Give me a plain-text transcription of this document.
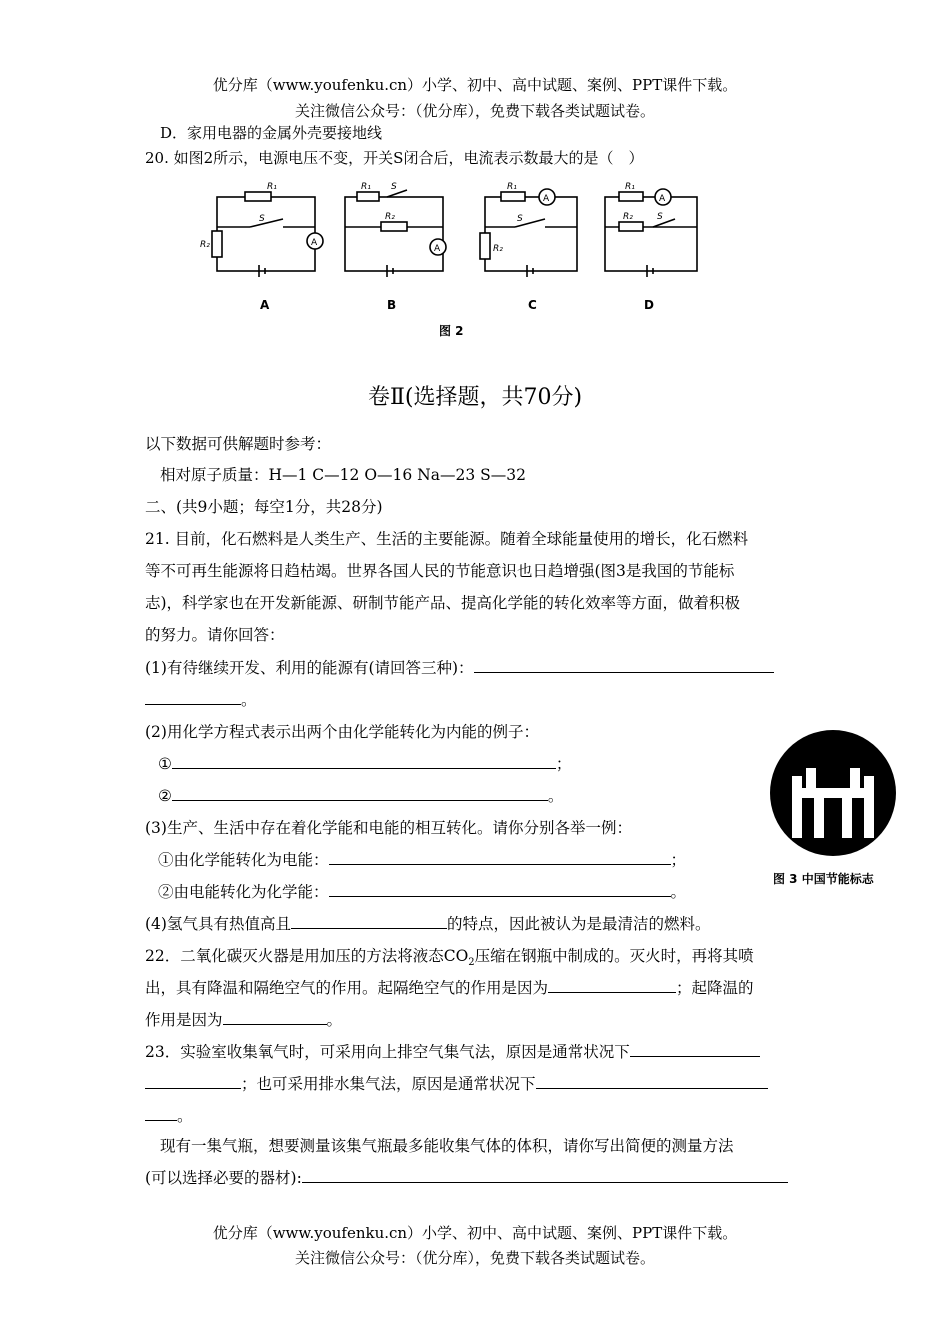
优分库（www.youfenku.cn）小学、初中、高中试题、案例、PPT课件下载。
关注微信公众号：（优分库），免费下载各类试题试卷。
D．家用电器的金属外壳要接地线
20. 如图2所示，电源电压不变，开关S闭合后，电流表示数最大的是（　）
R₁
S
R₂	A
R₁ S
R₂
A
R₁
A
S
R₂
R₁
A
R₂	S
A	B	C	D
图 2
卷Ⅱ(选择题，共70分)
以下数据可供解题时参考：
相对原子质量：H—1 C—12 O—16 Na—23 S—32
二、(共9小题；每空1分，共28分)
21. 目前，化石燃料是人类生产、生活的主要能源。随着全球能量使用的增长，化石燃料
等不可再生能源将日趋枯竭。世界各国人民的节能意识也日趋增强(图3是我国的节能标
志)，科学家也在开发新能源、研制节能产品、提高化学能的转化效率等方面，做着积极
的努力。请你回答：
(1)有待继续开发、利用的能源有(请回答三种)：
。
(2)用化学方程式表示出两个由化学能转化为内能的例子：
①	；
②	。
(3)生产、生活中存在着化学能和电能的相互转化。请你分别各举一例：
①由化学能转化为电能：	；
②由电能转化为化学能：	。
(4)氢气具有热值高且	的特点，因此被认为是最清洁的燃料。
图 3 中国节能标志
22．二氧化碳灭火器是用加压的方法将液态$CO_2$压缩在钢瓶中制成的。灭火时，再将其喷
出，具有降温和隔绝空气的作用。起隔绝空气的作用是因为	；起降温的
作用是因为	。
23．实验室收集氧气时，可采用向上排空气集气法，原因是通常状况下
；也可采用排水集气法，原因是通常状况下
。
现有一集气瓶，想要测量该集气瓶最多能收集气体的体积，请你写出简便的测量方法
(可以选择必要的器材):
优分库（www.youfenku.cn）小学、初中、高中试题、案例、PPT课件下载。
关注微信公众号：（优分库），免费下载各类试题试卷。
